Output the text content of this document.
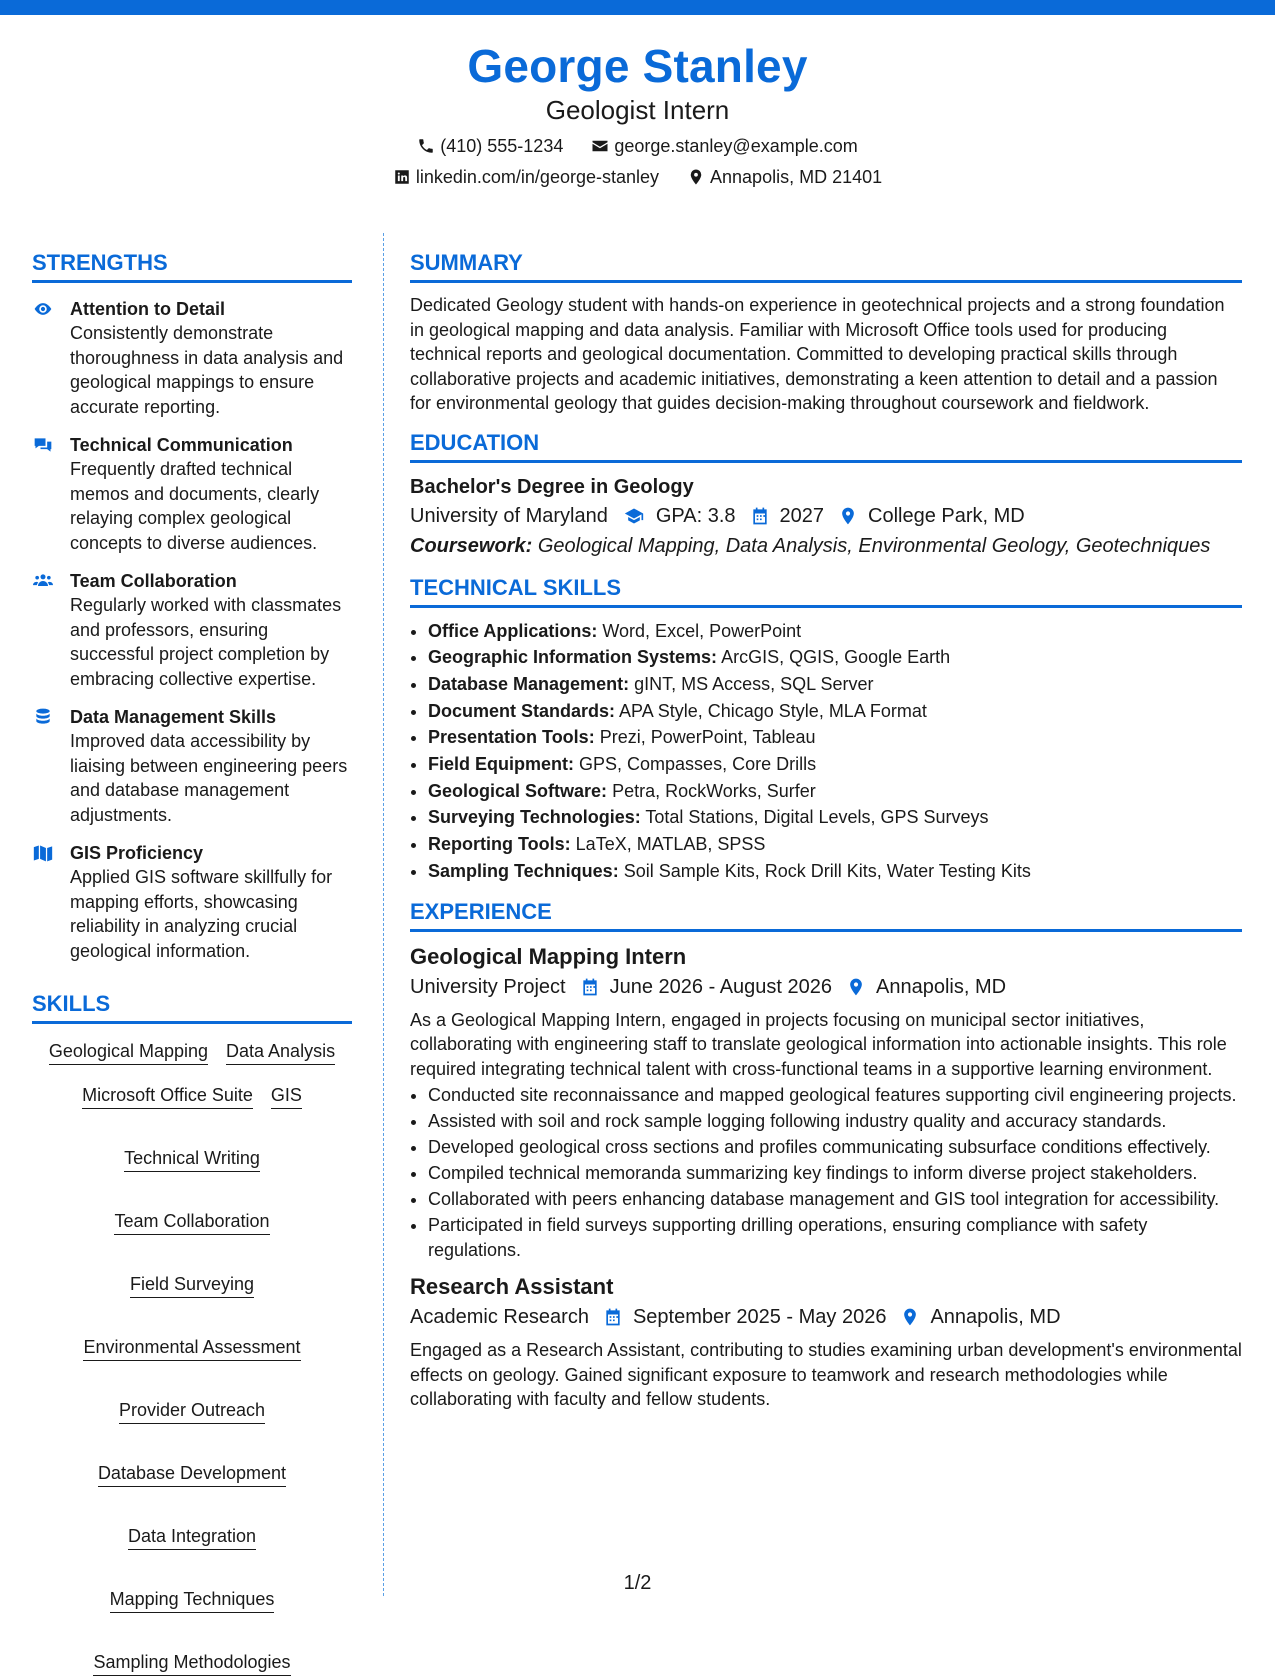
George Stanley
Geologist Intern
(410) 555-1234	george.stanley@example.com
linkedin.com/in/george-stanley	Annapolis, MD 21401
STRENGTHS
Attention to Detail
Consistently demonstrate thoroughness in data analysis and geological mappings to ensure accurate reporting.
Technical Communication
Frequently drafted technical memos and documents, clearly relaying complex geological concepts to diverse audiences.
Team Collaboration
Regularly worked with classmates and professors, ensuring successful project completion by embracing collective expertise.
Data Management Skills
Improved data accessibility by liaising between engineering peers and database management adjustments.
GIS Proficiency
Applied GIS software skillfully for mapping efforts, showcasing reliability in analyzing crucial geological information.
SKILLS
Geological Mapping Data Analysis
Microsoft Office Suite GIS
Technical Writing
Team Collaboration
Field Surveying
Environmental Assessment
Provider Outreach
Database Development
Data Integration
Mapping Techniques
Sampling Methodologies
SUMMARY

Dedicated Geology student with hands-on experience in geotechnical projects and a strong foundation in geological mapping and data analysis. Familiar with Microsoft Office tools used for producing technical reports and geological documentation. Committed to developing practical skills through collaborative projects and academic initiatives, demonstrating a keen attention to detail and a passion for environmental geology that guides decision-making throughout coursework and fieldwork.

EDUCATION
Bachelor's Degree in Geology
University of Maryland GPA: 3.8 2027 College Park, MD
Coursework: Geological Mapping, Data Analysis, Environmental Geology, Geotechniques
TECHNICAL SKILLS
• Office Applications: Word, Excel, PowerPoint
• Geographic Information Systems: ArcGIS, QGIS, Google Earth
• Database Management: gINT, MS Access, SQL Server
• Document Standards: APA Style, Chicago Style, MLA Format
• Presentation Tools: Prezi, PowerPoint, Tableau
• Field Equipment: GPS, Compasses, Core Drills
• Geological Software: Petra, RockWorks, Surfer
• Surveying Technologies: Total Stations, Digital Levels, GPS Surveys
• Reporting Tools: LaTeX, MATLAB, SPSS
• Sampling Techniques: Soil Sample Kits, Rock Drill Kits, Water Testing Kits
EXPERIENCE
Geological Mapping Intern
University Project June 2026 - August 2026 Annapolis, MD
As a Geological Mapping Intern, engaged in projects focusing on municipal sector initiatives, collaborating with engineering staff to translate geological information into actionable insights. This role required integrating technical talent with cross-functional teams in a supportive learning environment.
• Conducted site reconnaissance and mapped geological features supporting civil engineering projects.
• Assisted with soil and rock sample logging following industry quality and accuracy standards.
• Developed geological cross sections and profiles communicating subsurface conditions effectively.
• Compiled technical memoranda summarizing key findings to inform diverse project stakeholders.
• Collaborated with peers enhancing database management and GIS tool integration for accessibility.
• Participated in field surveys supporting drilling operations, ensuring compliance with safety regulations.
Research Assistant
Academic Research September 2025 - May 2026 Annapolis, MD
Engaged as a Research Assistant, contributing to studies examining urban development's environmental effects on geology. Gained significant exposure to teamwork and research methodologies while collaborating with faculty and fellow students.
1/2
